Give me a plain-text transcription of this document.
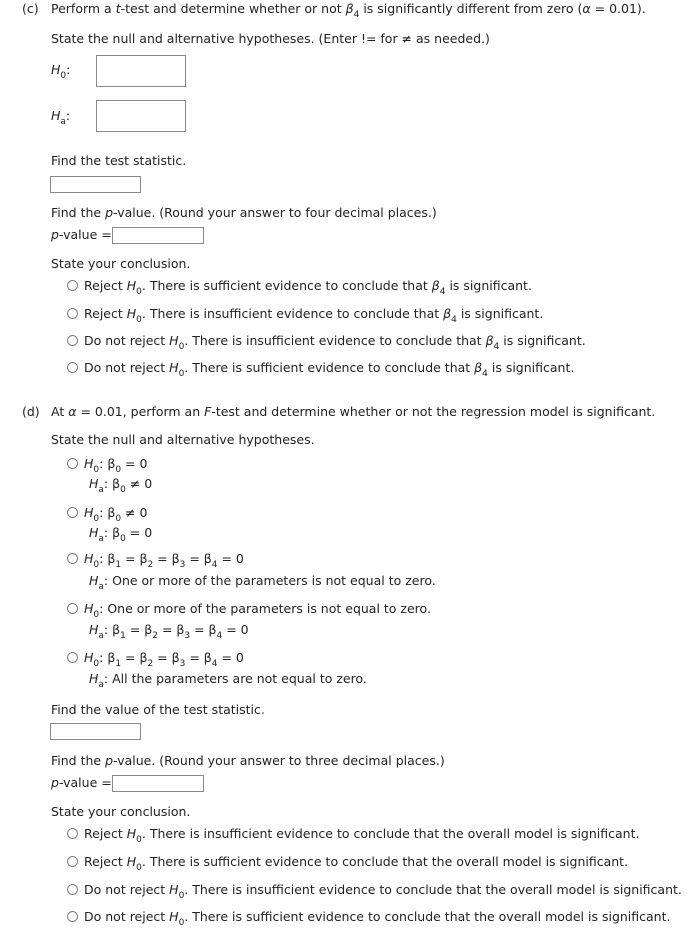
(c) Perform a t-test and determine whether or not $\beta_4$ is significantly different from zero (α = 0.01).
State the null and alternative hypotheses. (Enter != for ≠ as needed.)
$H_0$:
$H_a$:
Find the test statistic.
Find the p-value. (Round your answer to four decimal places.)
p-value =
State your conclusion.
Reject $H_0$. There is sufficient evidence to conclude that $\beta_4$ is significant.
Reject $H_0$. There is insufficient evidence to conclude that $\beta_4$ is significant.
Do not reject $H_0$. There is insufficient evidence to conclude that $\beta_4$ is significant.
Do not reject $H_0$. There is sufficient evidence to conclude that $\beta_4$ is significant.
(d) At α = 0.01, perform an F-test and determine whether or not the regression model is significant.
State the null and alternative hypotheses.
$H_0$: $\beta_0 = 0$
$H_a$: $\beta_0 \ne 0$
$H_0$: $\beta_0 \ne 0$
$H_a$: $\beta_0 = 0$
$H_0$: $\beta_1 = \beta_2 = \beta_3 = \beta_4 = 0$
$H_a$: One or more of the parameters is not equal to zero.
$H_0$: One or more of the parameters is not equal to zero.
$H_a$: $\beta_1 = \beta_2 = \beta_3 = \beta_4 = 0$
$H_0$: $\beta_1 = \beta_2 = \beta_3 = \beta_4 = 0$
$H_a$: All the parameters are not equal to zero.
Find the value of the test statistic.
Find the p-value. (Round your answer to three decimal places.)
p-value =
State your conclusion.
Reject $H_0$. There is insufficient evidence to conclude that the overall model is significant.
Reject $H_0$. There is sufficient evidence to conclude that the overall model is significant.
Do not reject $H_0$. There is insufficient evidence to conclude that the overall model is significant.
Do not reject $H_0$. There is sufficient evidence to conclude that the overall model is significant.
